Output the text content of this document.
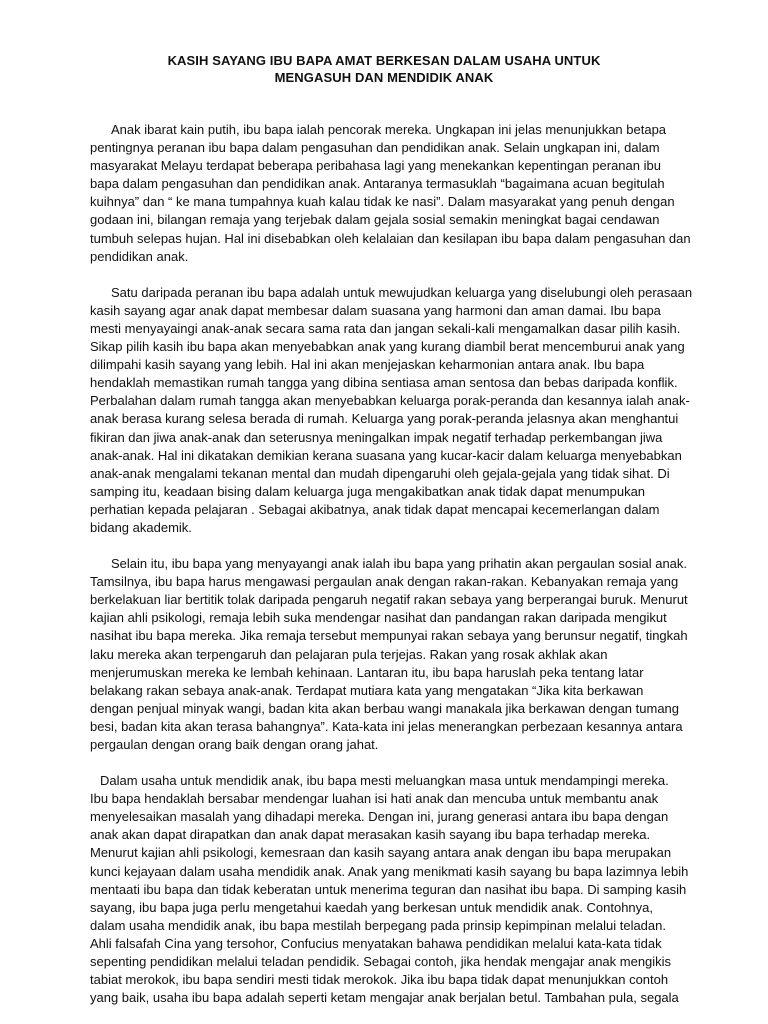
KASIH SAYANG IBU BAPA AMAT BERKESAN DALAM USAHA UNTUK
MENGASUH DAN MENDIDIK ANAK

Anak ibarat kain putih, ibu bapa ialah pencorak mereka. Ungkapan ini jelas menunjukkan betapa
pentingnya peranan ibu bapa dalam pengasuhan dan pendidikan anak. Selain ungkapan ini, dalam
masyarakat Melayu terdapat beberapa peribahasa lagi yang menekankan kepentingan peranan ibu
bapa dalam pengasuhan dan pendidikan anak. Antaranya termasuklah “bagaimana acuan begitulah
kuihnya” dan “ ke mana tumpahnya kuah kalau tidak ke nasi”. Dalam masyarakat yang penuh dengan
godaan ini, bilangan remaja yang terjebak dalam gejala sosial semakin meningkat bagai cendawan
tumbuh selepas hujan. Hal ini disebabkan oleh kelalaian dan kesilapan ibu bapa dalam pengasuhan dan
pendidikan anak.

Satu daripada peranan ibu bapa adalah untuk mewujudkan keluarga yang diselubungi oleh perasaan
kasih sayang agar anak dapat membesar dalam suasana yang harmoni dan aman damai. Ibu bapa
mesti menyayaingi anak-anak secara sama rata dan jangan sekali-kali mengamalkan dasar pilih kasih.
Sikap pilih kasih ibu bapa akan menyebabkan anak yang kurang diambil berat mencemburui anak yang
dilimpahi kasih sayang yang lebih. Hal ini akan menjejaskan keharmonian antara anak. Ibu bapa
hendaklah memastikan rumah tangga yang dibina sentiasa aman sentosa dan bebas daripada konflik.
Perbalahan dalam rumah tangga akan menyebabkan keluarga porak-peranda dan kesannya ialah anak-
anak berasa kurang selesa berada di rumah. Keluarga yang porak-peranda jelasnya akan menghantui
fikiran dan jiwa anak-anak dan seterusnya meningalkan impak negatif terhadap perkembangan jiwa
anak-anak. Hal ini dikatakan demikian kerana suasana yang kucar-kacir dalam keluarga menyebabkan
anak-anak mengalami tekanan mental dan mudah dipengaruhi oleh gejala-gejala yang tidak sihat. Di
samping itu, keadaan bising dalam keluarga juga mengakibatkan anak tidak dapat menumpukan
perhatian kepada pelajaran . Sebagai akibatnya, anak tidak dapat mencapai kecemerlangan dalam
bidang akademik.

Selain itu, ibu bapa yang menyayangi anak ialah ibu bapa yang prihatin akan pergaulan sosial anak.
Tamsilnya, ibu bapa harus mengawasi pergaulan anak dengan rakan-rakan. Kebanyakan remaja yang
berkelakuan liar bertitik tolak daripada pengaruh negatif rakan sebaya yang berperangai buruk. Menurut
kajian ahli psikologi, remaja lebih suka mendengar nasihat dan pandangan rakan daripada mengikut
nasihat ibu bapa mereka. Jika remaja tersebut mempunyai rakan sebaya yang berunsur negatif, tingkah
laku mereka akan terpengaruh dan pelajaran pula terjejas. Rakan yang rosak akhlak akan
menjerumuskan mereka ke lembah kehinaan. Lantaran itu, ibu bapa haruslah peka tentang latar
belakang rakan sebaya anak-anak. Terdapat mutiara kata yang mengatakan “Jika kita berkawan
dengan penjual minyak wangi, badan kita akan berbau wangi manakala jika berkawan dengan tumang
besi, badan kita akan terasa bahangnya”. Kata-kata ini jelas menerangkan perbezaan kesannya antara
pergaulan dengan orang baik dengan orang jahat.

Dalam usaha untuk mendidik anak, ibu bapa mesti meluangkan masa untuk mendampingi mereka.
Ibu bapa hendaklah bersabar mendengar luahan isi hati anak dan mencuba untuk membantu anak
menyelesaikan masalah yang dihadapi mereka. Dengan ini, jurang generasi antara ibu bapa dengan
anak akan dapat dirapatkan dan anak dapat merasakan kasih sayang ibu bapa terhadap mereka.
Menurut kajian ahli psikologi, kemesraan dan kasih sayang antara anak dengan ibu bapa merupakan
kunci kejayaan dalam usaha mendidik anak. Anak yang menikmati kasih sayang bu bapa lazimnya lebih
mentaati ibu bapa dan tidak keberatan untuk menerima teguran dan nasihat ibu bapa. Di samping kasih
sayang, ibu bapa juga perlu mengetahui kaedah yang berkesan untuk mendidik anak. Contohnya,
dalam usaha mendidik anak, ibu bapa mestilah berpegang pada prinsip kepimpinan melalui teladan.
Ahli falsafah Cina yang tersohor, Confucius menyatakan bahawa pendidikan melalui kata-kata tidak
sepenting pendidikan melalui teladan pendidik. Sebagai contoh, jika hendak mengajar anak mengikis
tabiat merokok, ibu bapa sendiri mesti tidak merokok. Jika ibu bapa tidak dapat menunjukkan contoh
yang baik, usaha ibu bapa adalah seperti ketam mengajar anak berjalan betul. Tambahan pula, segala
